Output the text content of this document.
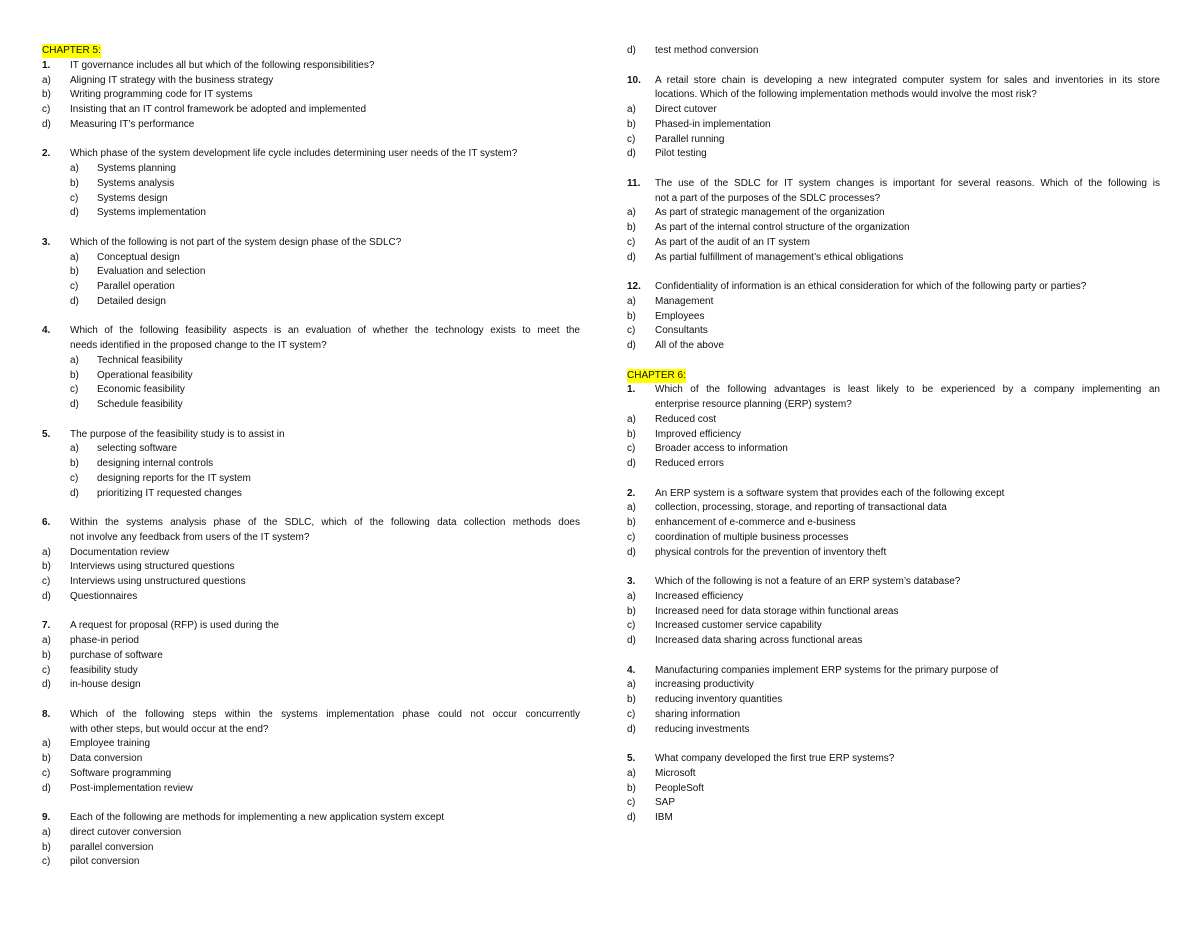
CHAPTER 5:
1.	IT governance includes all but which of the following responsibilities?
a)	Aligning IT strategy with the business strategy
b)	Writing programming code for IT systems
c)	Insisting that an IT control framework be adopted and implemented
d)	Measuring IT’s performance
2.	Which phase of the system development life cycle includes determining user needs of the IT system?
a)	Systems planning
b)	Systems analysis
c)	Systems design
d)	Systems implementation
3.	Which of the following is not part of the system design phase of the SDLC?
a)	Conceptual design
b)	Evaluation and selection
c)	Parallel operation
d)	Detailed design
4.	Which of the following feasibility aspects is an evaluation of whether the technology exists to meet the
needs identified in the proposed change to the IT system?
a)	Technical feasibility
b)	Operational feasibility
c)	Economic feasibility
d)	Schedule feasibility
5.	The purpose of the feasibility study is to assist in
a)	selecting software
b)	designing internal controls
c)	designing reports for the IT system
d)	prioritizing IT requested changes
6.	Within the systems analysis phase of the SDLC, which of the following data collection methods does
not involve any feedback from users of the IT system?
a)	Documentation review
b)	Interviews using structured questions
c)	Interviews using unstructured questions
d)	Questionnaires
7.	A request for proposal (RFP) is used during the
a)	phase-in period
b)	purchase of software
c)	feasibility study
d)	in-house design
8.	Which of the following steps within the systems implementation phase could not occur concurrently
with other steps, but would occur at the end?
a)	Employee training
b)	Data conversion
c)	Software programming
d)	Post-implementation review
9.	Each of the following are methods for implementing a new application system except
a)	direct cutover conversion
b)	parallel conversion
c)	pilot conversion
d)	test method conversion
10.	A retail store chain is developing a new integrated computer system for sales and inventories in its store
locations. Which of the following implementation methods would involve the most risk?
a)	Direct cutover
b)	Phased-in implementation
c)	Parallel running
d)	Pilot testing
11.	The use of the SDLC for IT system changes is important for several reasons. Which of the following is
not a part of the purposes of the SDLC processes?
a)	As part of strategic management of the organization
b)	As part of the internal control structure of the organization
c)	As part of the audit of an IT system
d)	As partial fulfillment of management’s ethical obligations
12.	Confidentiality of information is an ethical consideration for which of the following party or parties?
a)	Management
b)	Employees
c)	Consultants
d)	All of the above
CHAPTER 6:
1.	Which of the following advantages is least likely to be experienced by a company implementing an
enterprise resource planning (ERP) system?
a)	Reduced cost
b)	Improved efficiency
c)	Broader access to information
d)	Reduced errors
2.	An ERP system is a software system that provides each of the following except
a)	collection, processing, storage, and reporting of transactional data
b)	enhancement of e-commerce and e-business
c)	coordination of multiple business processes
d)	physical controls for the prevention of inventory theft
3.	Which of the following is not a feature of an ERP system’s database?
a)	Increased efficiency
b)	Increased need for data storage within functional areas
c)	Increased customer service capability
d)	Increased data sharing across functional areas
4.	Manufacturing companies implement ERP systems for the primary purpose of
a)	increasing productivity
b)	reducing inventory quantities
c)	sharing information
d)	reducing investments
5.	What company developed the first true ERP systems?
a)	Microsoft
b)	PeopleSoft
c)	SAP
d)	IBM
